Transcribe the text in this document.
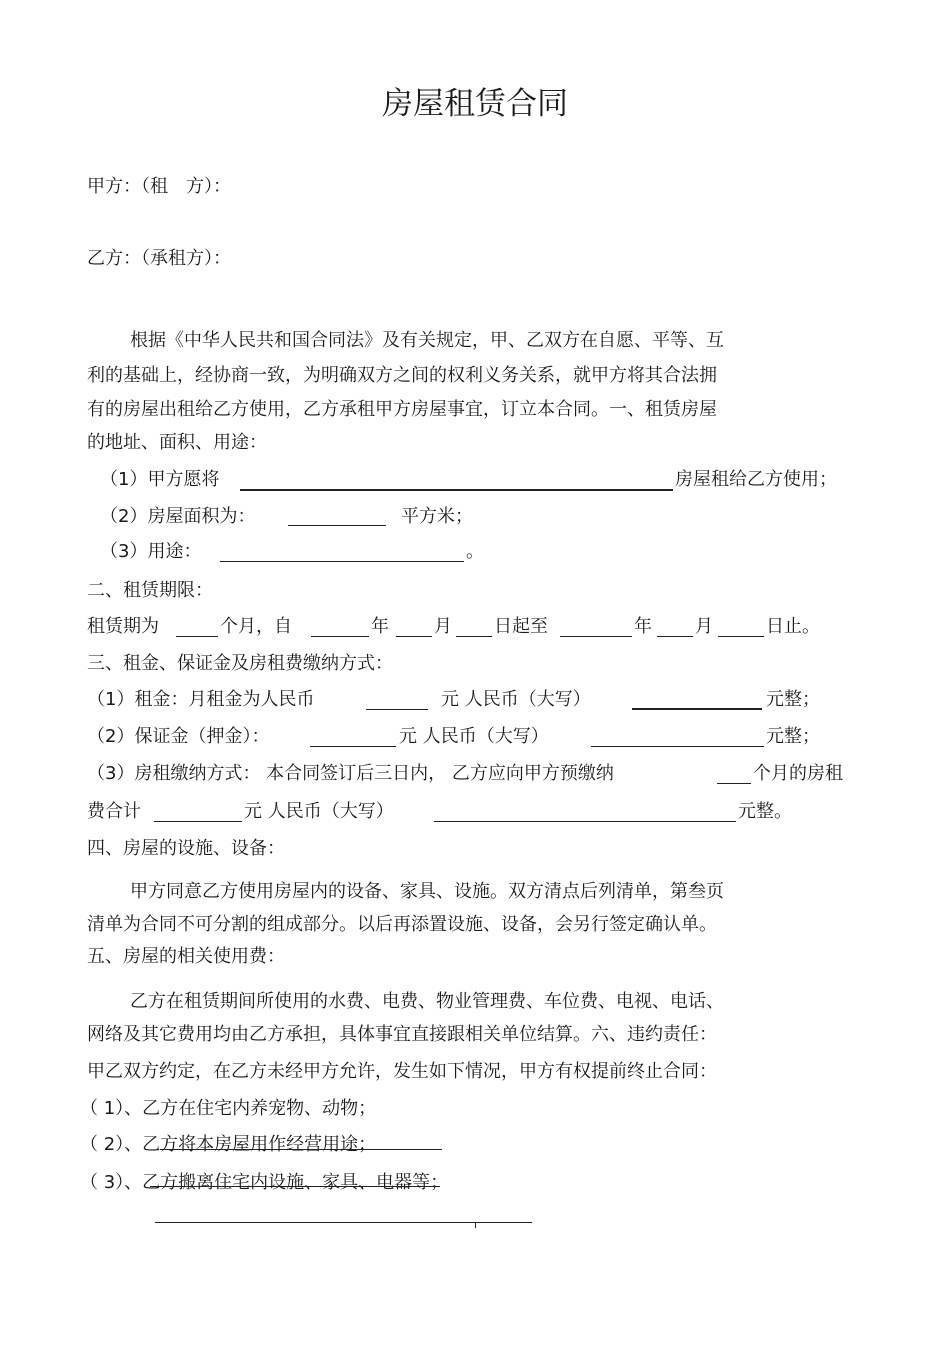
房屋租赁合同
甲方：（租　方）：
乙方：（承租方）：
根据《中华人民共和国合同法》及有关规定，甲、乙双方在自愿、平等、互
利的基础上，经协商一致，为明确双方之间的权利义务关系，就甲方将其合法拥
有的房屋出租给乙方使用，乙方承租甲方房屋事宜，订立本合同。一、租赁房屋
的地址、面积、用途：
（1）甲方愿将	房屋租给乙方使用；
（2）房屋面积为：	平方米；
（3）用途：	。
二、租赁期限：
租赁期为	个月，自	年	月 日起至	年 月	日止。
三、租金、保证金及房租费缴纳方式：
（1）租金：月租金为人民币	元 人民币（大写）	元整；
（2）保证金（押金）：	元 人民币（大写）	元整；
（3）房租缴纳方式： 本合同签订后三日内， 乙方应向甲方预缴纳	个月的房租
费合计	元 人民币（大写）	元整。
四、房屋的设施、设备：
甲方同意乙方使用房屋内的设备、家具、设施。双方清点后列清单，第叁页
清单为合同不可分割的组成部分。以后再添置设施、设备，会另行签定确认单。
五、房屋的相关使用费：
乙方在租赁期间所使用的水费、电费、物业管理费、车位费、电视、电话、
网络及其它费用均由乙方承担，具体事宜直接跟相关单位结算。六、违约责任：
甲乙双方约定，在乙方未经甲方允许，发生如下情况，甲方有权提前终止合同：
（ 1）、乙方在住宅内养宠物、动物；
（ 2）、乙方将本房屋用作经营用途；
（ 3）、乙方搬离住宅内设施、家具、电器等；
